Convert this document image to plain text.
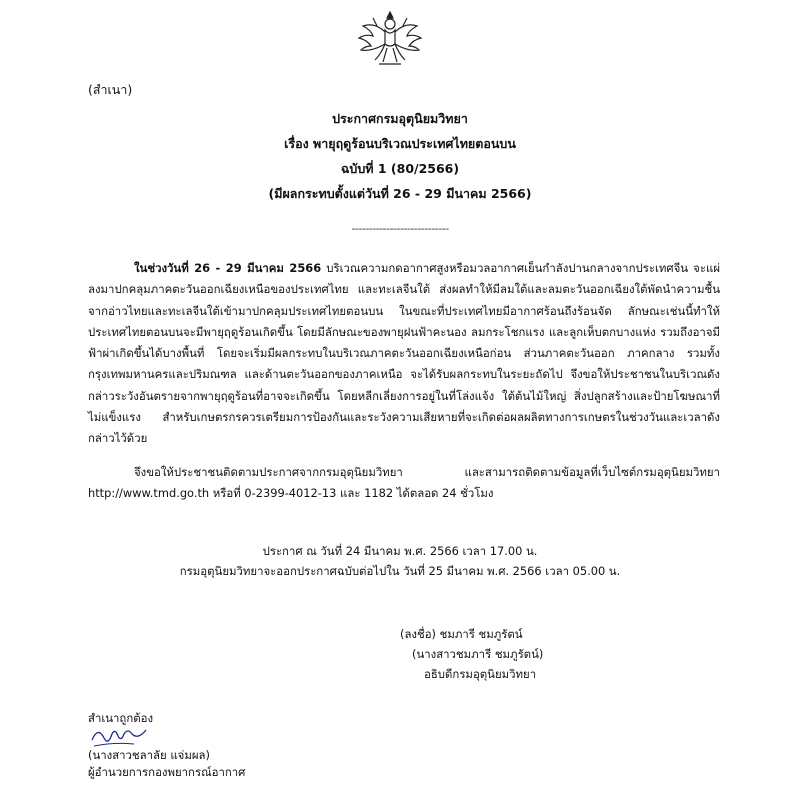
(สำเนา)

ประกาศกรมอุตุนิยมวิทยา
เรื่อง พายุฤดูร้อนบริเวณประเทศไทยตอนบน
ฉบับที่ 1 (80/2566)
(มีผลกระทบตั้งแต่วันที่ 26 - 29 มีนาคม 2566)
----------------------------

ในช่วงวันที่ 26 - 29 มีนาคม 2566 บริเวณความกดอากาศสูงหรือมวลอากาศเย็นกำลังปานกลางจากประเทศจีน จะแผ่ลงมาปกคลุมภาคตะวันออกเฉียงเหนือของประเทศไทย และทะเลจีนใต้ ส่งผลทำให้มีลมใต้และลมตะวันออกเฉียงใต้พัดนำความชื้นจากอ่าวไทยและทะเลจีนใต้เข้ามาปกคลุมประเทศไทยตอนบน ในขณะที่ประเทศไทยมีอากาศร้อนถึงร้อนจัด ลักษณะเช่นนี้ทำให้ประเทศไทยตอนบนจะมีพายุฤดูร้อนเกิดขึ้น โดยมีลักษณะของพายุฝนฟ้าคะนอง ลมกระโชกแรง และลูกเห็บตกบางแห่ง รวมถึงอาจมีฟ้าผ่าเกิดขึ้นได้บางพื้นที่ โดยจะเริ่มมีผลกระทบในบริเวณภาคตะวันออกเฉียงเหนือก่อน ส่วนภาคตะวันออก ภาคกลาง รวมทั้งกรุงเทพมหานครและปริมณฑล และด้านตะวันออกของภาคเหนือ จะได้รับผลกระทบในระยะถัดไป จึงขอให้ประชาชนในบริเวณดังกล่าวระวังอันตรายจากพายุฤดูร้อนที่อาจจะเกิดขึ้น โดยหลีกเลี่ยงการอยู่ในที่โล่งแจ้ง ใต้ต้นไม้ใหญ่ สิ่งปลูกสร้างและป้ายโฆษณาที่ไม่แข็งแรง สำหรับเกษตรกรควรเตรียมการป้องกันและระวังความเสียหายที่จะเกิดต่อผลผลิตทางการเกษตรในช่วงวันและเวลาดังกล่าวไว้ด้วย

จึงขอให้ประชาชนติดตามประกาศจากกรมอุตุนิยมวิทยา และสามารถติดตามข้อมูลที่เว็บไซต์กรมอุตุนิยมวิทยา http://www.tmd.go.th หรือที่ 0-2399-4012-13 และ 1182 ได้ตลอด 24 ชั่วโมง

ประกาศ ณ วันที่ 24 มีนาคม พ.ศ. 2566 เวลา 17.00 น.
กรมอุตุนิยมวิทยาจะออกประกาศฉบับต่อไปใน วันที่ 25 มีนาคม พ.ศ. 2566 เวลา 05.00 น.
(ลงชื่อ) ชมภารี ชมภูรัตน์
(นางสาวชมภารี ชมภูรัตน์)
อธิบดีกรมอุตุนิยมวิทยา
สำเนาถูกต้อง
(นางสาวชลาลัย แจ่มผล)
ผู้อำนวยการกองพยากรณ์อากาศ
